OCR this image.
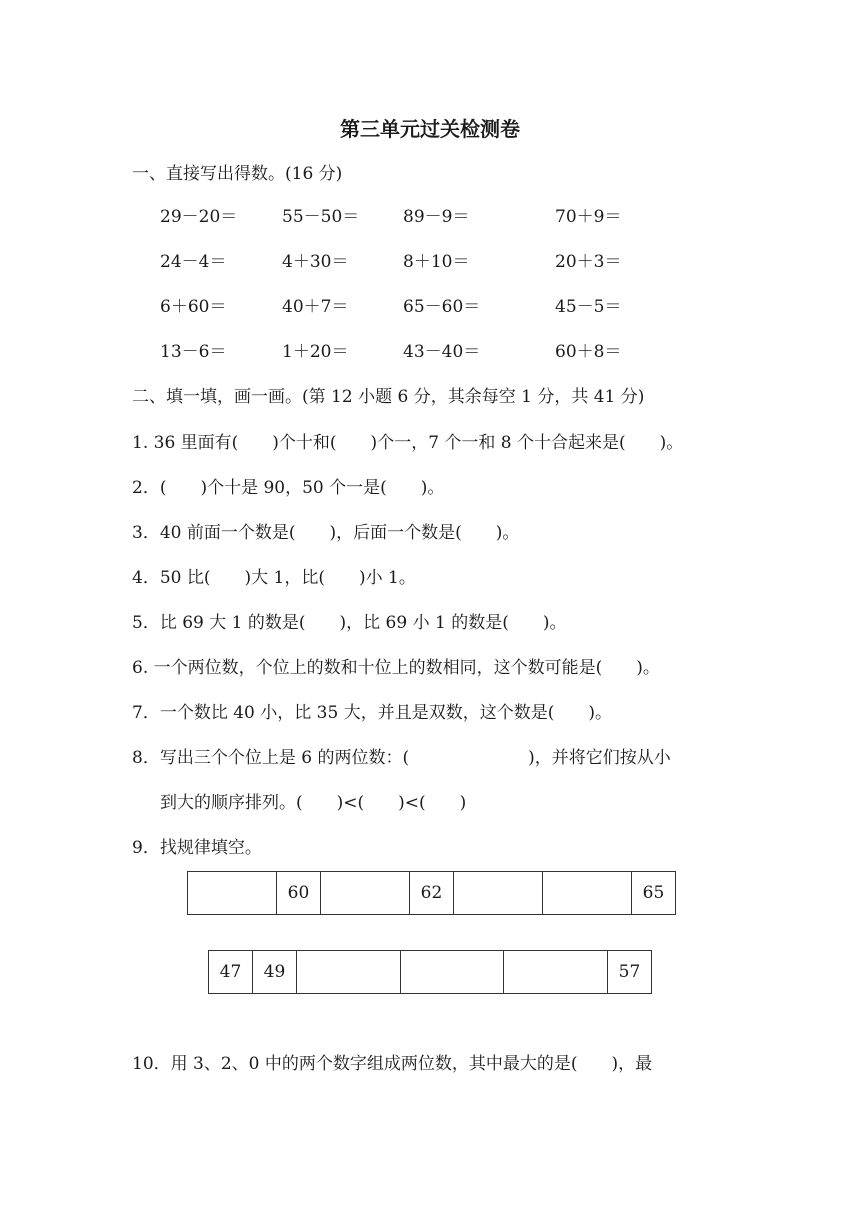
第三单元过关检测卷
一、直接写出得数。(16 分)
29－20＝	55－50＝	89－9＝	70＋9＝
24－4＝	4＋30＝	8＋10＝	20＋3＝
6＋60＝	40＋7＝	65－60＝	45－5＝
13－6＝	1＋20＝	43－40＝	60＋8＝
二、填一填，画一画。(第 12 小题 6 分，其余每空 1 分，共 41 分)
1. 36 里面有(　　)个十和(　　)个一，7 个一和 8 个十合起来是(　　)。
2．(　　)个十是 90，50 个一是(　　)。
3．40 前面一个数是(　　)，后面一个数是(　　)。
4．50 比(　　)大 1，比(　　)小 1。
5．比 69 大 1 的数是(　　)，比 69 小 1 的数是(　　)。
6. 一个两位数，个位上的数和十位上的数相同，这个数可能是(　　)。
7．一个数比 40 小，比 35 大，并且是双数，这个数是(　　)。
8．写出三个个位上是 6 的两位数：(　　　　　　　)，并将它们按从小
到大的顺序排列。(　　)<(　　)<(　　)
9．找规律填空。
	60		62			65
47	49				57
10．用 3、2、0 中的两个数字组成两位数，其中最大的是(　　)，最
